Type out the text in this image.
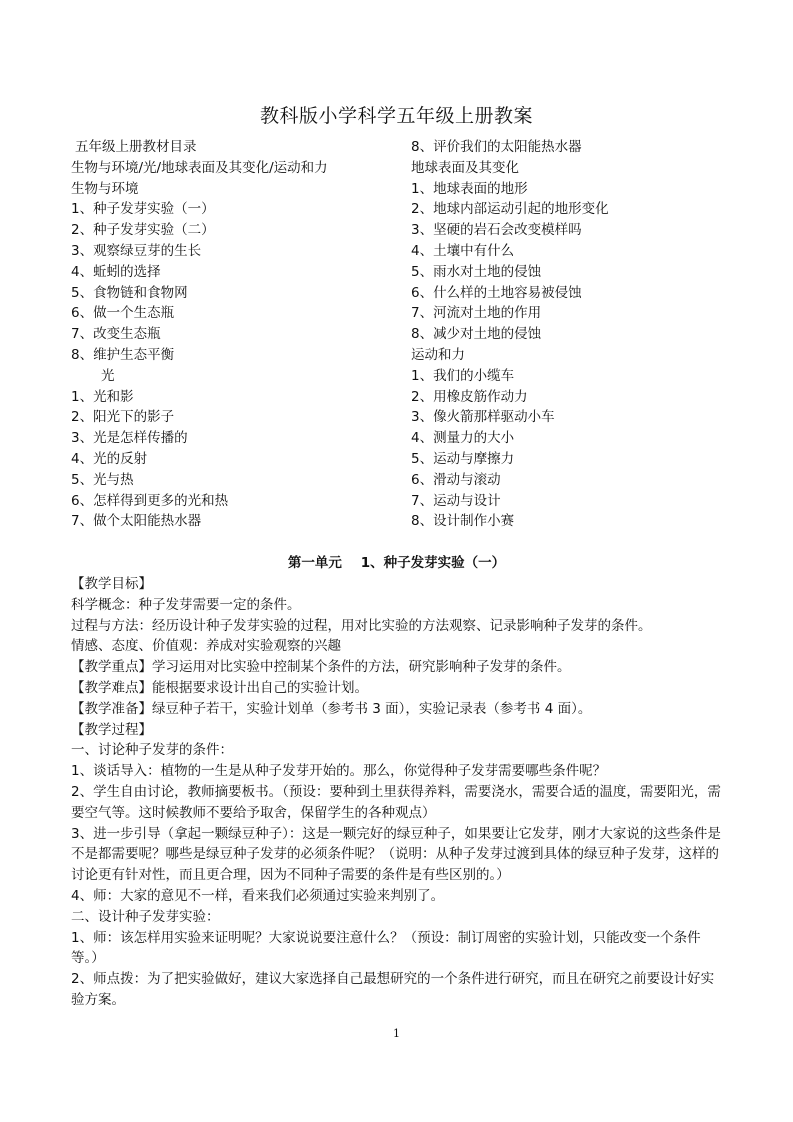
教科版小学科学五年级上册教案
五年级上册教材目录
生物与环境/光/地球表面及其变化/运动和力
生物与环境
1、种子发芽实验（一）
2、种子发芽实验（二）
3、观察绿豆芽的生长
4、蚯蚓的选择
5、食物链和食物网
6、做一个生态瓶
7、改变生态瓶
8、维护生态平衡
光
1、光和影
2、阳光下的影子
3、光是怎样传播的
4、光的反射
5、光与热
6、怎样得到更多的光和热
7、做个太阳能热水器
8、评价我们的太阳能热水器
地球表面及其变化
1、地球表面的地形
2、地球内部运动引起的地形变化
3、坚硬的岩石会改变模样吗
4、土壤中有什么
5、雨水对土地的侵蚀
6、什么样的土地容易被侵蚀
7、河流对土地的作用
8、减少对土地的侵蚀
运动和力
1、我们的小缆车
2、用橡皮筋作动力
3、像火箭那样驱动小车
4、测量力的大小
5、运动与摩擦力
6、滑动与滚动
7、运动与设计
8、设计制作小赛
第一单元    1、种子发芽实验（一）

【教学目标】

科学概念：种子发芽需要一定的条件。

过程与方法：经历设计种子发芽实验的过程，用对比实验的方法观察、记录影响种子发芽的条件。

情感、态度、价值观：养成对实验观察的兴趣

【教学重点】学习运用对比实验中控制某个条件的方法，研究影响种子发芽的条件。

【教学难点】能根据要求设计出自己的实验计划。

【教学准备】绿豆种子若干，实验计划单（参考书 3 面），实验记录表（参考书 4 面）。

【教学过程】

一、讨论种子发芽的条件：

1、谈话导入：植物的一生是从种子发芽开始的。那么，你觉得种子发芽需要哪些条件呢？

2、学生自由讨论，教师摘要板书。（预设：要种到土里获得养料，需要浇水，需要合适的温度，需要阳光，需要空气等。这时候教师不要给予取舍，保留学生的各种观点）

3、进一步引导（拿起一颗绿豆种子）：这是一颗完好的绿豆种子，如果要让它发芽，刚才大家说的这些条件是不是都需要呢？哪些是绿豆种子发芽的必须条件呢？（说明：从种子发芽过渡到具体的绿豆种子发芽，这样的讨论更有针对性，而且更合理，因为不同种子需要的条件是有些区别的。）

4、师：大家的意见不一样，看来我们必须通过实验来判别了。

二、设计种子发芽实验：

1、师：该怎样用实验来证明呢？大家说说要注意什么？（预设：制订周密的实验计划，只能改变一个条件等。）

2、师点拨：为了把实验做好，建议大家选择自己最想研究的一个条件进行研究，而且在研究之前要设计好实验方案。

1
